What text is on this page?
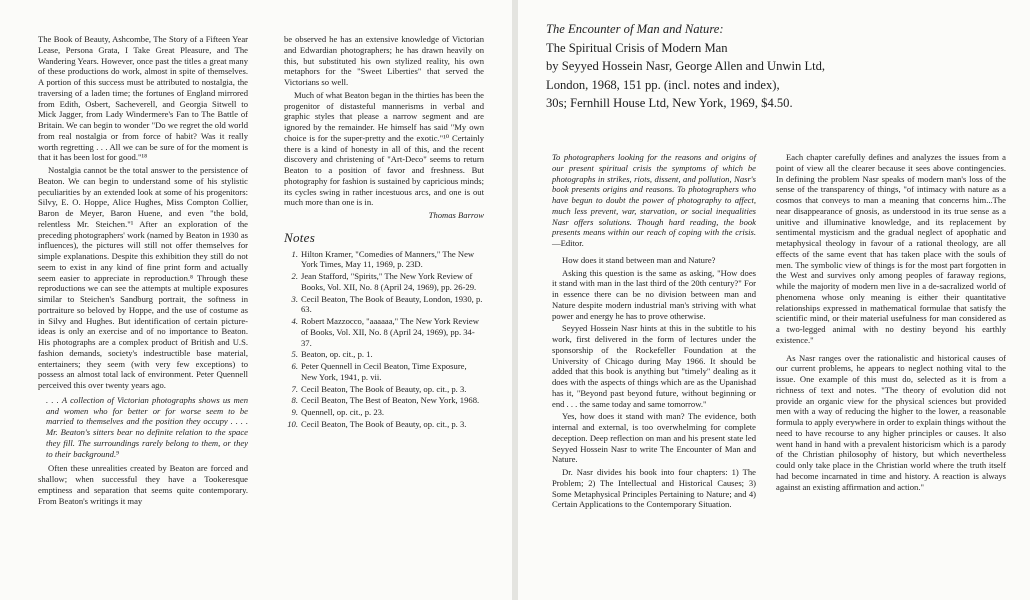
The Book of Beauty, Ashcombe, The Story of a Fifteen Year Lease, Persona Grata, I Take Great Pleasure, and The Wandering Years. However, once past the titles a great many of these productions do work, almost in spite of themselves. A portion of this success must be attributed to nostalgia, the traversing of a laden time; the fortunes of England mirrored from Edith, Osbert, Sacheverell, and Georgia Sitwell to Mick Jagger, from Lady Windermere's Fan to The Battle of Britain. We can begin to wonder "Do we regret the old world from real nostalgia or from force of habit? Was it really worth regretting . . . All we can be sure of for the moment is that it has been lost for good."¹⁸

Nostalgia cannot be the total answer to the persistence of Beaton. We can begin to understand some of his stylistic peculiarities by an extended look at some of his progenitors: Silvy, E. O. Hoppe, Alice Hughes, Miss Compton Collier, Baron de Meyer, Baron Huene, and even "the bold, relentless Mr. Steichen."¹ After an exploration of the preceding photographers' work (named by Beaton in 1930 as influences), the pictures will still not offer themselves for simple explanations. Despite this exhibition they still do not seem to exist in any kind of fine print form and actually seem easier to appreciate in reproduction.⁸ Through these reproductions we can see the attempts at multiple exposures similar to Steichen's Sandburg portrait, the softness in portraiture so beloved by Hoppe, and the use of costume as in Silvy and Hughes. But identification of certain picture-ideas is only an exercise and of no importance to Beaton. His photographs are a complex product of British and U.S. fashion demands, society's indestructible base material, entertainers; they seem (with very few exceptions) to possess an almost total lack of environment. Peter Quennell perceived this over twenty years ago.

. . . A collection of Victorian photographs shows us men and women who for better or for worse seem to be married to themselves and the position they occupy . . . . Mr. Beaton's sitters bear no definite relation to the space they fill. The surroundings rarely belong to them, or they to their background.⁹

Often these unrealities created by Beaton are forced and shallow; when successful they have a Tookeresque emptiness and separation that seems quite contemporary. From Beaton's writings it may

be observed he has an extensive knowledge of Victorian and Edwardian photographers; he has drawn heavily on this, but substituted his own stylized reality, his own metaphors for the "Sweet Liberties" that served the Victorians so well.

Much of what Beaton began in the thirties has been the progenitor of distasteful mannerisms in verbal and graphic styles that please a narrow segment and are ignored by the remainder. He himself has said "My own choice is for the super-pretty and the exotic."¹⁰ Certainly there is a kind of honesty in all of this, and the recent discovery and christening of "Art-Deco" seems to return Beaton to a position of favor and freshness. But photography for fashion is sustained by capricious minds; its cycles swing in rather incestuous arcs, and one is out much more than one is in.

Thomas Barrow
Notes
1. Hilton Kramer, "Comedies of Manners," The New York Times, May 11, 1969, p. 23D.
2. Jean Stafford, "Spirits," The New York Review of Books, Vol. XII, No. 8 (April 24, 1969), pp. 26-29.
3. Cecil Beaton, The Book of Beauty, London, 1930, p. 63.
4. Robert Mazzocco, "aaaaaa," The New York Review of Books, Vol. XII, No. 8 (April 24, 1969), pp. 34-37.
5. Beaton, op. cit., p. 1.
6. Peter Quennell in Cecil Beaton, Time Exposure, New York, 1941, p. vii.
7. Cecil Beaton, The Book of Beauty, op. cit., p. 3.
8. Cecil Beaton, The Best of Beaton, New York, 1968.
9. Quennell, op. cit., p. 23.
10. Cecil Beaton, The Book of Beauty, op. cit., p. 3.
The Encounter of Man and Nature:
The Spiritual Crisis of Modern Man
by Seyyed Hossein Nasr, George Allen and Unwin Ltd,
London, 1968, 151 pp. (incl. notes and index),
30s; Fernhill House Ltd, New York, 1969, $4.50.

To photographers looking for the reasons and origins of our present spiritual crisis the symptoms of which be photographs in strikes, riots, dissent, and pollution, Nasr's book presents origins and reasons. To photographers who have begun to doubt the power of photography to affect, much less prevent, war, starvation, or social inequalities Nasr offers solutions. Though hard reading, the book presents means within our reach of coping with the crisis.—Editor.

How does it stand between man and Nature?

Asking this question is the same as asking, "How does it stand with man in the last third of the 20th century?" For in essence there can be no division between man and Nature despite modern industrial man's striving with what power and energy he has to prove otherwise.

Seyyed Hossein Nasr hints at this in the subtitle to his work, first delivered in the form of lectures under the sponsorship of the Rockefeller Foundation at the University of Chicago during May 1966. It should be added that this book is anything but "timely" dealing as it does with the aspects of things which are as the Upanishad has it, "Beyond past beyond future, without beginning or end . . . the same today and same tomorrow."

Yes, how does it stand with man? The evidence, both internal and external, is too overwhelming for complete deception. Deep reflection on man and his present state led Seyyed Hossein Nasr to write The Encounter of Man and Nature.

Dr. Nasr divides his book into four chapters: 1) The Problem; 2) The Intellectual and Historical Causes; 3) Some Metaphysical Principles Pertaining to Nature; and 4) Certain Applications to the Contemporary Situation.

Each chapter carefully defines and analyzes the issues from a point of view all the clearer because it sees above contingencies. In defining the problem Nasr speaks of modern man's loss of the sense of the transparency of things, "of intimacy with nature as a cosmos that conveys to man a meaning that concerns him...The near disappearance of gnosis, as understood in its true sense as a unitive and illuminative knowledge, and its replacement by sentimental mysticism and the gradual neglect of apophatic and metaphysical theology in favour of a rational theology, are all effects of the same event that has taken place with the souls of men. The symbolic view of things is for the most part forgotten in the West and survives only among peoples of faraway regions, while the majority of modern men live in a de-sacralized world of phenomena whose only meaning is either their quantitative relationships expressed in mathematical formulae that satisfy the scientific mind, or their material usefulness for man considered as a two-legged animal with no destiny beyond his earthly existence."

As Nasr ranges over the rationalistic and historical causes of our current problems, he appears to neglect nothing vital to the issue. One example of this must do, selected as it is from a richness of text and notes. "The theory of evolution did not provide an organic view for the physical sciences but provided men with a way of reducing the higher to the lower, a reasonable formula to apply everywhere in order to explain things without the need to have recourse to any higher principles or causes. It also went hand in hand with a prevalent historicism which is a parody of the Christian philosophy of history, but which nevertheless could only take place in the Christian world where the truth itself had become incarnated in time and history. A reaction is always against an existing affirmation and action."
